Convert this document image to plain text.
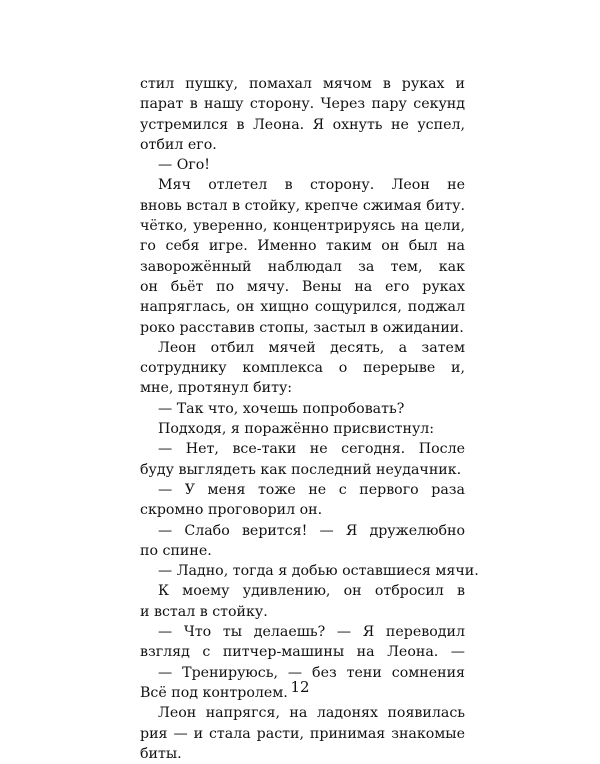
стил пушку, помахал мячом в руках и
парат в нашу сторону. Через пару секунд
устремился в Леона. Я охнуть не успел,
отбил его.
— Ого!
Мяч отлетел в сторону. Леон не
вновь встал в стойку, крепче сжимая биту.
чётко, уверенно, концентрируясь на цели,
го себя игре. Именно таким он был на
заворожённый наблюдал за тем, как
он бьёт по мячу. Вены на его руках
напряглась, он хищно сощурился, поджал
роко расставив стопы, застыл в ожидании.
Леон отбил мячей десять, а затем
сотруднику комплекса о перерыве и,
мне, протянул биту:
— Так что, хочешь попробовать?
Подходя, я поражённо присвистнул:
— Нет, все-таки не сегодня. После
буду выглядеть как последний неудачник.
— У меня тоже не с первого раза
скромно проговорил он.
— Слабо верится! — Я дружелюбно
по спине.
— Ладно, тогда я добью оставшиеся мячи.
К моему удивлению, он отбросил в
и встал в стойку.
— Что ты делаешь? — Я переводил
взгляд с питчер-машины на Леона. —
— Тренируюсь, — без тени сомнения
Всё под контролем.
Леон напрягся, на ладонях появилась
рия — и стала расти, принимая знакомые
биты.
12
